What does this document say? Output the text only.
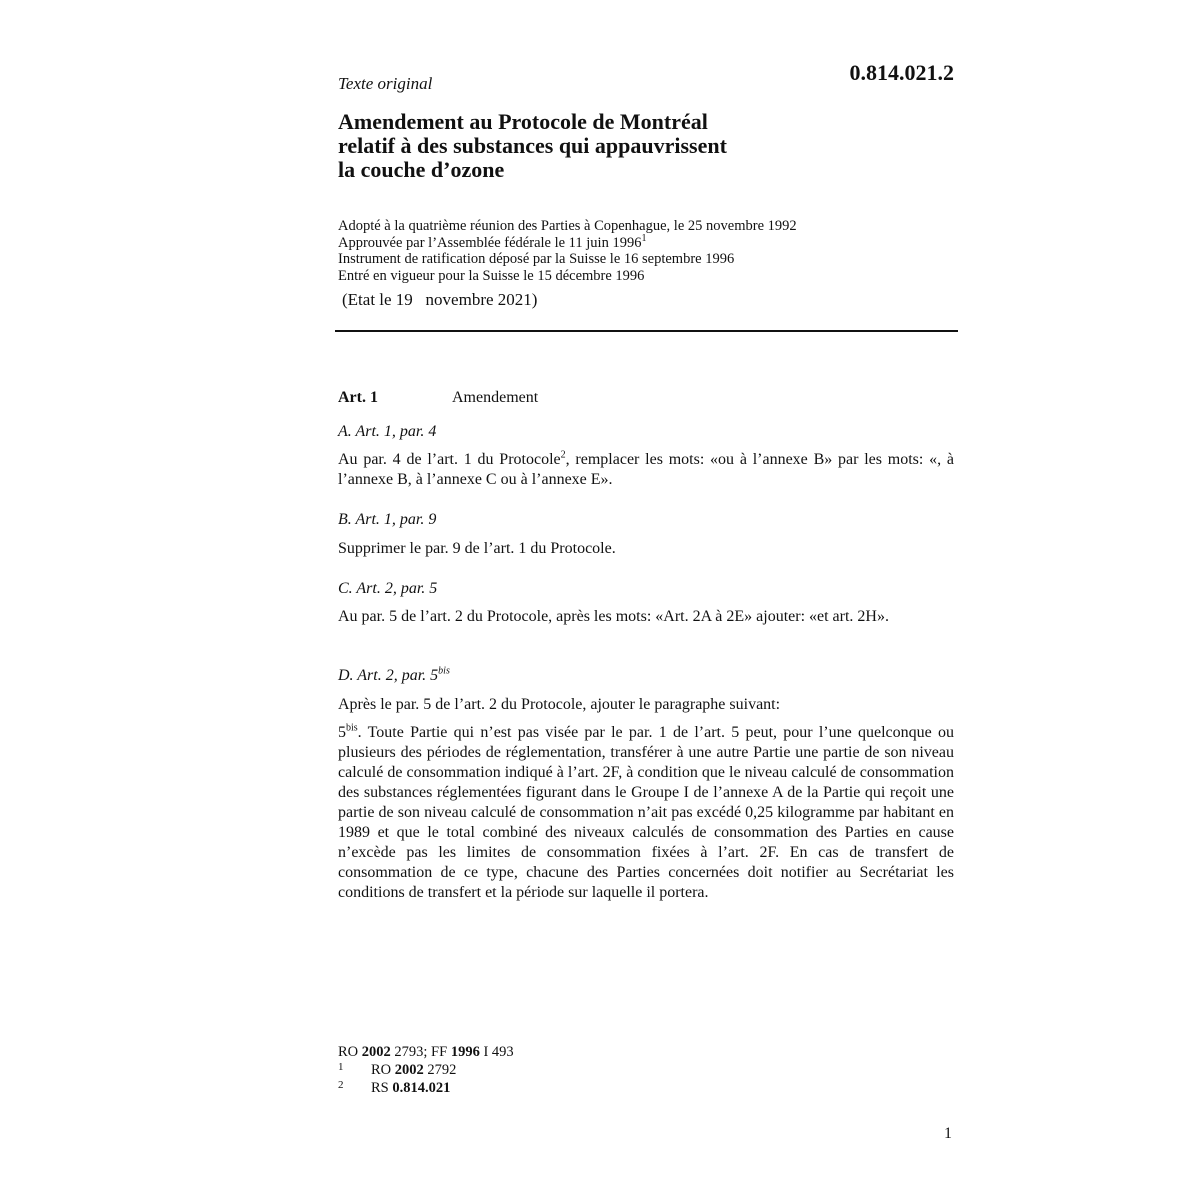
Texte original	0.814.021.2
Amendement au Protocole de Montréal
relatif à des substances qui appauvrissent
la couche d’ozone
Adopté à la quatrième réunion des Parties à Copenhague, le 25 novembre 1992
Approuvée par l’Assemblée fédérale le 11 juin 1996$^1$
Instrument de ratification déposé par la Suisse le 16 septembre 1996
Entré en vigueur pour la Suisse le 15 décembre 1996
(Etat le 19   novembre 2021)
Art. 1	Amendement
A. Art. 1, par. 4
Au par. 4 de l’art. 1 du Protocole$^2$, remplacer les mots: «ou à l’annexe B» par les mots: «, à l’annexe B, à l’annexe C ou à l’annexe E».
B. Art. 1, par. 9
Supprimer le par. 9 de l’art. 1 du Protocole.
C. Art. 2, par. 5
Au par. 5 de l’art. 2 du Protocole, après les mots: «Art. 2A à 2E» ajouter: «et art. 2H».
D. Art. 2, par. $5^{bis}$
Après le par. 5 de l’art. 2 du Protocole, ajouter le paragraphe suivant:
$5^{bis}$. Toute Partie qui n’est pas visée par le par. 1 de l’art. 5 peut, pour l’une quelconque ou plusieurs des périodes de réglementation, transférer à une autre Partie une partie de son niveau calculé de consommation indiqué à l’art. 2F, à condition que le niveau calculé de consommation des substances réglementées figurant dans le Groupe I de l’annexe A de la Partie qui reçoit une partie de son niveau calculé de consommation n’ait pas excédé 0,25 kilogramme par habitant en 1989 et que le total combiné des niveaux calculés de consommation des Parties en cause n’excède pas les limites de consommation fixées à l’art. 2F. En cas de transfert de consommation de ce type, chacune des Parties concernées doit notifier au Secrétariat les conditions de transfert et la période sur laquelle il portera.
RO 2002 2793; FF 1996 I 493
1	RO 2002 2792
2	RS 0.814.021
1
